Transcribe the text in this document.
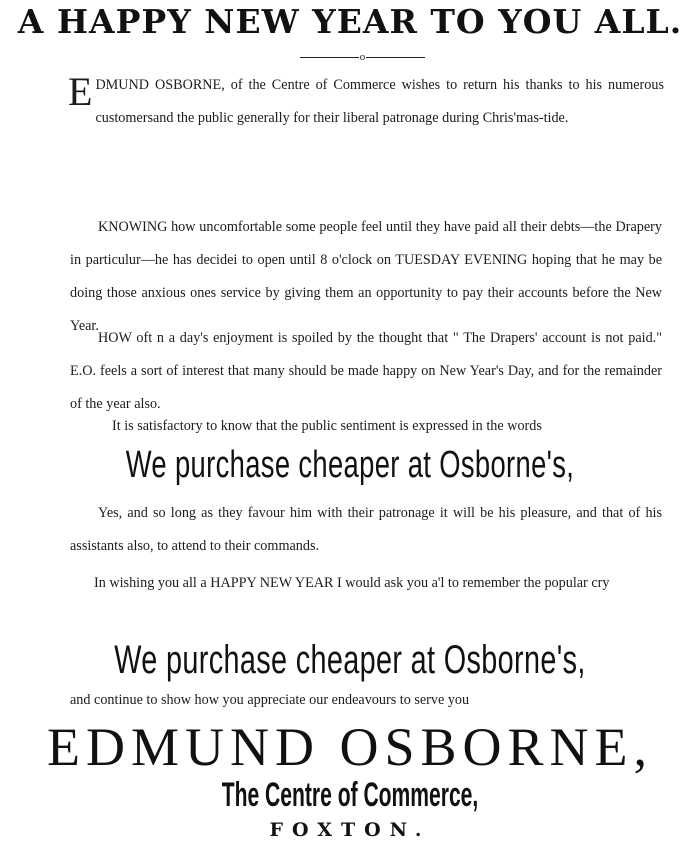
A HAPPY NEW YEAR TO YOU ALL.
o
EDMUND OSBORNE, of the Centre of Commerce wishes to return his thanks to his numerous customersand the public generally for their liberal patronage during Chris'mas-tide.
KNOWING how uncomfortable some people feel until they have paid all their debts—the Drapery in particulur—he has decidei to open until 8 o'clock on TUESDAY EVENING hoping that he may be doing those anxious ones service by giving them an opportunity to pay their accounts before the New Year.
HOW oft n a day's enjoyment is spoiled by the thought that " The Drapers' account is not paid." E.O. feels a sort of interest that many should be made happy on New Year's Day, and for the remainder of the year also.
It is satisfactory to know that the public sentiment is expressed in the words
We purchase cheaper at Osborne's,
Yes, and so long as they favour him with their patronage it will be his pleasure, and that of his assistants also, to attend to their commands.
In wishing you all a HAPPY NEW YEAR I would ask you a'l to remember the popular cry
We purchase cheaper at Osborne's,
and continue to show how you appreciate our endeavours to serve you
EDMUND OSBORNE,
The Centre of Commerce,
FOXTON.
